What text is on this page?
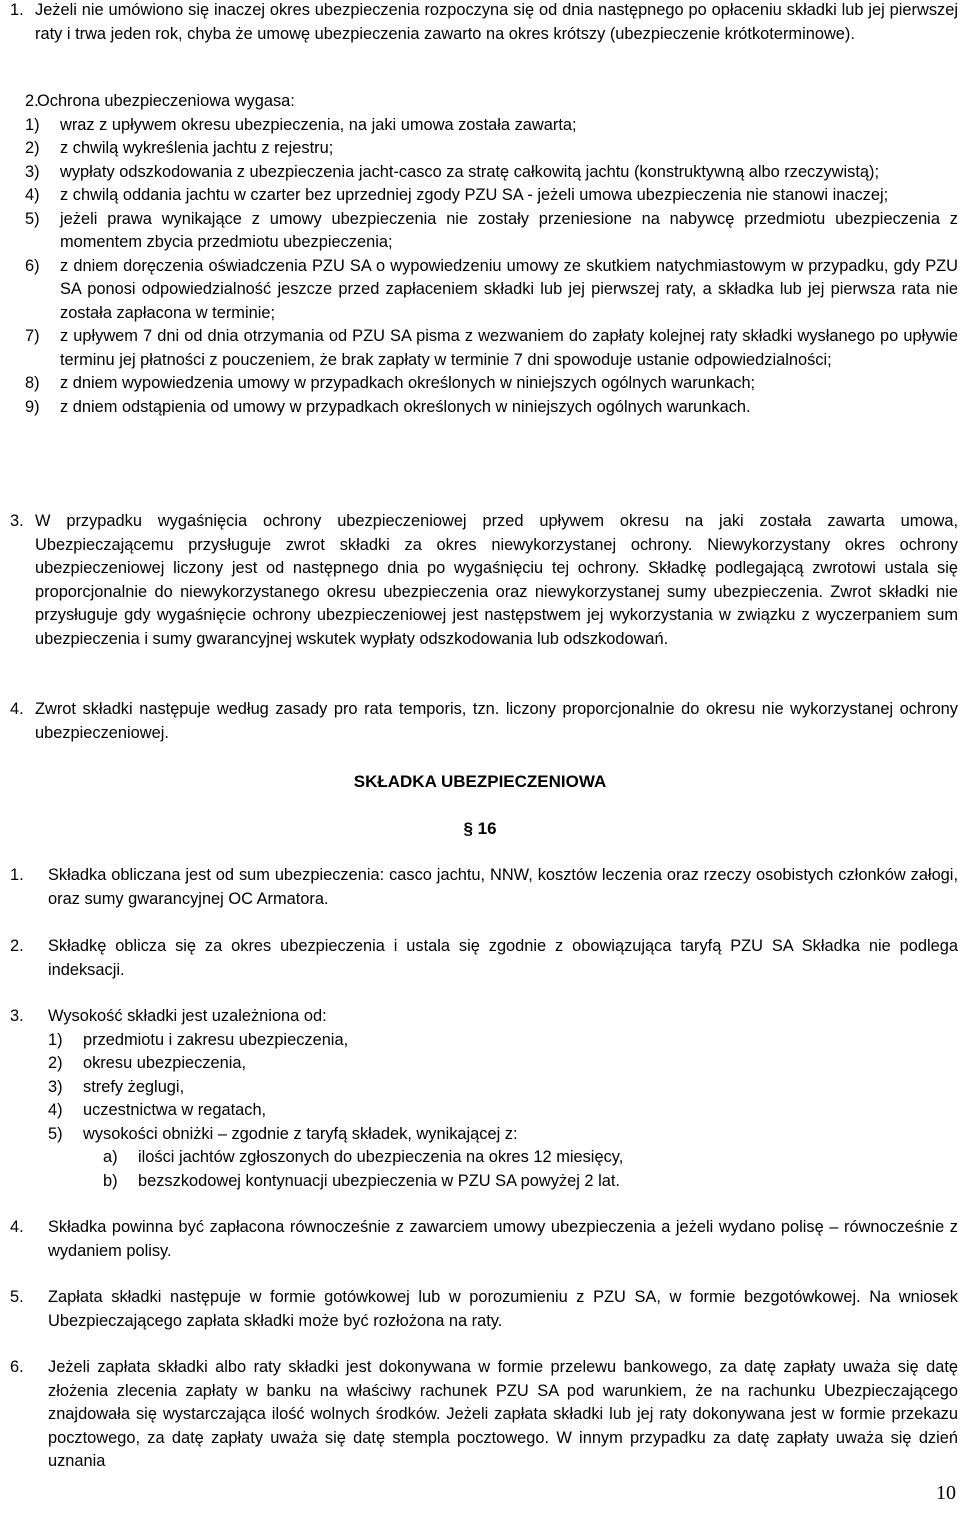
1. Jeżeli nie umówiono się inaczej okres ubezpieczenia rozpoczyna się od dnia następnego po opłaceniu składki lub jej pierwszej raty i trwa jeden rok, chyba że umowę ubezpieczenia zawarto na okres krótszy (ubezpieczenie krótkoterminowe).
2.
Ochrona ubezpieczeniowa wygasa:
1)	wraz z upływem okresu ubezpieczenia, na jaki umowa została zawarta;
2)	z chwilą wykreślenia jachtu z rejestru;
3)	wypłaty odszkodowania z ubezpieczenia jacht-casco za stratę całkowitą jachtu (konstruktywną albo rzeczywistą);
4)	z chwilą oddania jachtu w czarter bez uprzedniej zgody PZU SA - jeżeli umowa ubezpieczenia nie stanowi inaczej;
5)	jeżeli prawa wynikające z umowy ubezpieczenia nie zostały przeniesione na nabywcę przedmiotu ubezpieczenia z momentem zbycia przedmiotu ubezpieczenia;
6)	z dniem doręczenia oświadczenia PZU SA o wypowiedzeniu umowy ze skutkiem natychmiastowym w przypadku, gdy PZU SA ponosi odpowiedzialność jeszcze przed zapłaceniem składki lub jej pierwszej raty, a składka lub jej pierwsza rata nie została zapłacona w terminie;
7)	z upływem 7 dni od dnia otrzymania od PZU SA pisma z wezwaniem do zapłaty kolejnej raty składki wysłanego po upływie terminu jej płatności z pouczeniem, że brak zapłaty w terminie 7 dni spowoduje ustanie odpowiedzialności;
8)	z dniem wypowiedzenia umowy w przypadkach określonych w niniejszych ogólnych warunkach;
9)	z dniem odstąpienia od umowy w przypadkach określonych w niniejszych ogólnych warunkach.
3. W przypadku wygaśnięcia ochrony ubezpieczeniowej przed upływem okresu na jaki została zawarta umowa, Ubezpieczającemu przysługuje zwrot składki za okres niewykorzystanej ochrony. Niewykorzystany okres ochrony ubezpieczeniowej liczony jest od następnego dnia po wygaśnięciu tej ochrony. Składkę podlegającą zwrotowi ustala się proporcjonalnie do niewykorzystanego okresu ubezpieczenia oraz niewykorzystanej sumy ubezpieczenia. Zwrot składki nie przysługuje gdy wygaśnięcie ochrony ubezpieczeniowej jest następstwem jej wykorzystania w związku z wyczerpaniem sum ubezpieczenia i sumy gwarancyjnej wskutek wypłaty odszkodowania lub odszkodowań.
4. Zwrot składki następuje według zasady pro rata temporis, tzn. liczony proporcjonalnie do okresu nie wykorzystanej ochrony ubezpieczeniowej.
SKŁADKA UBEZPIECZENIOWA
§ 16
1.	Składka obliczana jest od sum ubezpieczenia: casco jachtu, NNW, kosztów leczenia oraz rzeczy osobistych członków załogi, oraz sumy gwarancyjnej OC Armatora.
2.	Składkę oblicza się za okres ubezpieczenia i ustala się zgodnie z obowiązująca taryfą PZU SA Składka nie podlega indeksacji.
3.	Wysokość składki jest uzależniona od:
1)	przedmiotu i zakresu ubezpieczenia,
2)	okresu ubezpieczenia,
3)	strefy żeglugi,
4)	uczestnictwa w regatach,
5)	wysokości obniżki – zgodnie z taryfą składek, wynikającej z:
a)	ilości jachtów zgłoszonych do ubezpieczenia na okres 12 miesięcy,
b)	bezszkodowej kontynuacji ubezpieczenia w PZU SA powyżej 2 lat.
4.	Składka powinna być zapłacona równocześnie z zawarciem umowy ubezpieczenia a jeżeli wydano polisę – równocześnie z wydaniem polisy.
5.	Zapłata składki następuje w formie gotówkowej lub w porozumieniu z PZU SA, w formie bezgotówkowej. Na wniosek Ubezpieczającego zapłata składki może być rozłożona na raty.
6.	Jeżeli zapłata składki albo raty składki jest dokonywana w formie przelewu bankowego, za datę zapłaty uważa się datę złożenia zlecenia zapłaty w banku na właściwy rachunek PZU SA pod warunkiem, że na rachunku Ubezpieczającego znajdowała się wystarczająca ilość wolnych środków. Jeżeli zapłata składki lub jej raty dokonywana jest w formie przekazu pocztowego, za datę zapłaty uważa się datę stempla pocztowego. W innym przypadku za datę zapłaty uważa się dzień uznania
10
